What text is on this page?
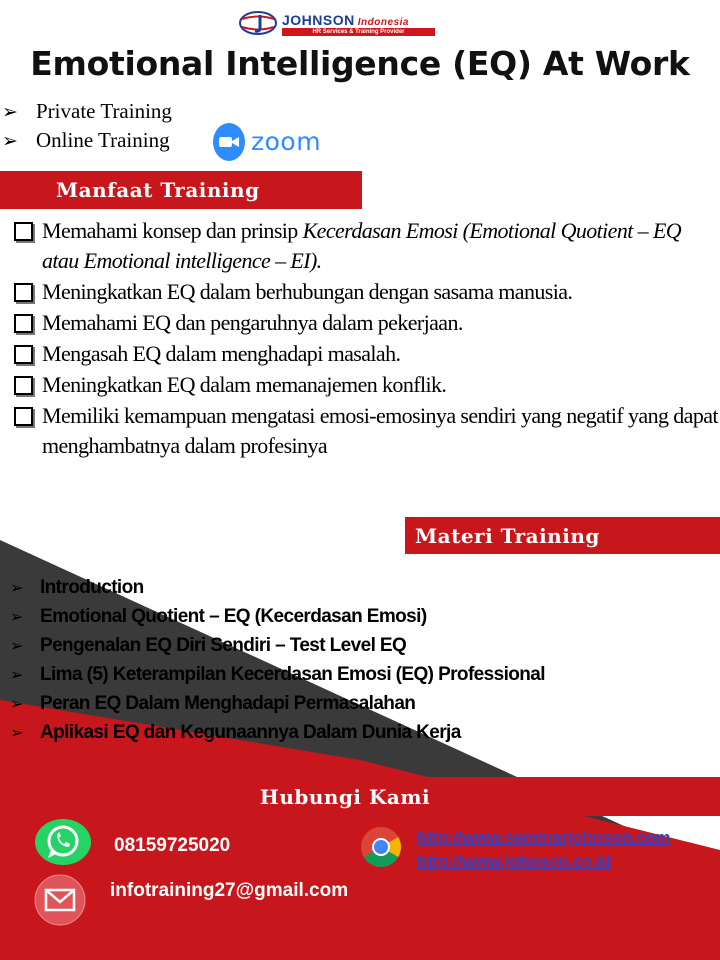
JOHNSON Indonesia
HR Services & Training Provider
Emotional Intelligence (EQ) At Work
➢ Private Training
➢ Online Training	zoom
Manfaat Training
Memahami konsep dan prinsip Kecerdasan Emosi (Emotional Quotient – EQ atau Emotional intelligence – EI).
Meningkatkan EQ dalam berhubungan dengan sasama manusia.
Memahami EQ dan pengaruhnya dalam pekerjaan.
Mengasah EQ dalam menghadapi masalah.
Meningkatkan EQ dalam memanajemen konflik.
Memiliki kemampuan mengatasi emosi-emosinya sendiri yang negatif yang dapat menghambatnya dalam profesinya
Materi Training
➢ Introduction
➢ Emotional Quotient – EQ (Kecerdasan Emosi)
➢ Pengenalan EQ Diri Sendiri – Test Level EQ
➢ Lima (5) Keterampilan Kecerdasan Emosi (EQ) Professional
➢ Peran EQ Dalam Menghadapi Permasalahan
➢ Aplikasi EQ dan Kegunaannya Dalam Dunia Kerja
Hubungi Kami
08159725020
infotraining27@gmail.com
http://www.seminarjohnson.com
http://www.johnson.co.id
